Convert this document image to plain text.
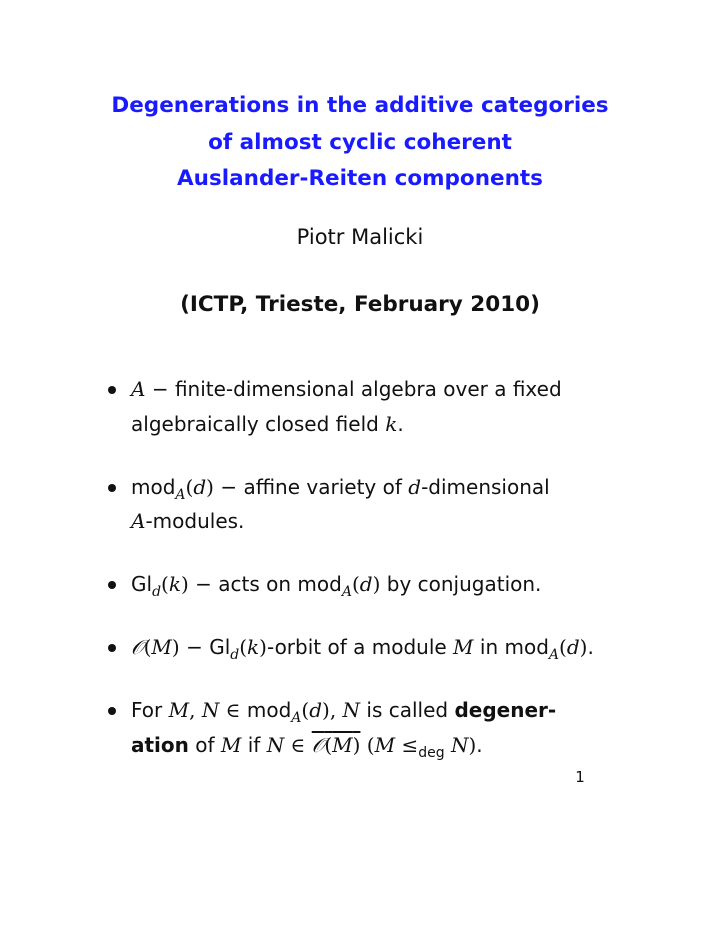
Degenerations in the additive categories
of almost cyclic coherent
Auslander-Reiten components
Piotr Malicki
(ICTP, Trieste, February 2010)
A − finite-dimensional algebra over a fixed
algebraically closed field k.
mod$_A$(d) − affine variety of d-dimensional
A-modules.
$Gl_d(k)$ − acts on mod$_A$(d) by conjugation.
𝒪(M) − $Gl_d(k)$-orbit of a module M in mod$_A$(d).
For M, N ∈ mod$_A$(d), N is called degener-
ation of M if N ∈ 𝒪(M) ($M \le_{deg}$ N).
1
